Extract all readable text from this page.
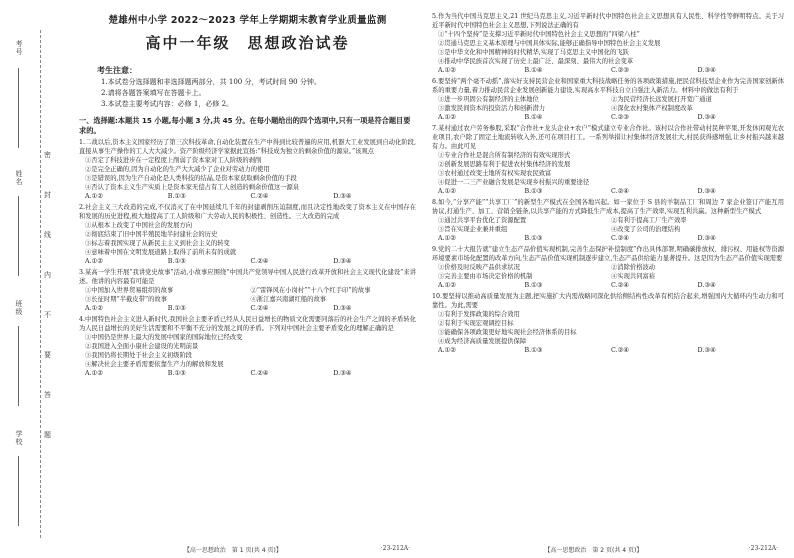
考号
姓名
班级
学校
密
封
线
内
不
要
答
题
楚雄州中小学 2022～2023 学年上学期期末教育学业质量监测
高中一年级　思想政治试卷
考生注意：
1.本试卷分选择题和非选择题两部分，共 100 分，考试时间 90 分钟。
2.请将各题答案填写在答题卡上。
3.本试卷主要考试内容：必修 1，必修 2。
一、选择题:本题共 15 小题,每小题 3 分,共 45 分。在每小题给出的四个选项中,只有一项是符合题目要求的。
1.二战以后,资本主义国家经历了第三次科技革命,自动化装置在生产中得到比较普遍的应用,机器大工业发展到自动化阶段,直接从事生产操作的工人大大减少。资产阶级经济学家据此宣扬:“科技成为独立的剩余价值的源泉。”该观点
①否定了科技进步在一定程度上削弱了资本家对工人阶级的剥削
②是完全正确的,因为自动化的生产大大减少了企业对劳动力的使用
③是错误的,因为生产自动化是人类科技的结晶,是资本家获取剩余价值的手段
④否认了资本主义生产实质上是资本家无偿占有工人创造的剩余价值这一源泉
A.①②	B.①③	C.②④	D.③④
2.社会主义三大改造的完成,不仅消灭了在中国延续几千年的封建剥削压迫制度,而且决定性地改变了资本主义在中国存在和发展的历史进程,极大地提高了工人阶级和广大劳动人民的积极性、创造性。三大改造的完成
①从根本上改变了中国社会的发展方向
②彻底结束了旧中国半殖民地半封建社会的历史
③标志着我国实现了从新民主主义到社会主义的转变
④意味着中国在文明发展道路上取得了前所未有的成就
A.①②	B.①③	C.②④	D.③④
3.某高一学生开展“我讲党史故事”活动,小故事应围绕“中国共产党领导中国人民进行改革开放和社会主义现代化建设”来讲述。他讲的内容最有可能是
①中国加入世界贸易组织的故事	②“雷锋风在小岗村”“十八个红手印”的故事
③长征时期“半截皮带”的故事	④浙江嘉兴南湖红船的故事
A.①②	B.①③	C.②④	D.③④
4.中国特色社会主义进入新时代,我国社会主要矛盾已经从人民日益增长的物质文化需要同落后的社会生产之间的矛盾转化为人民日益增长的美好生活需要和不平衡不充分的发展之间的矛盾。下列对中国社会主要矛盾变化的理解正确的是
①中国仍是世界上最大的发展中国家的国际地位已经改变
②我国进入全面小康社会建设的光明前景
③我国仍将长期处于社会主义初级阶段
④解决社会主要矛盾需要依靠生产力的解放和发展
A.①②	B.①③	C.②④	D.③④
【高一思想政治　第 1 页(共 4 页)】	·23-212A·
5.作为当代中国马克思主义,21 世纪马克思主义,习近平新时代中国特色社会主义思想具有人民性、科学性等鲜明特点。关于习近平新时代中国特色社会主义思想,下列说法正确的有
①“十四个坚持”是支撑习近平新时代中国特色社会主义思想的“四梁八柱”
②贯通马克思主义基本原理与中国具体实际,能够正确指导中国特色社会主义发展
③是中华文化和中国精神的时代精华,实现了马克思主义中国化的飞跃
④推动中华民族首次实现了历史上最广泛、最深刻、最伟大的社会变革
A.①②	B.①④	C.②③	D.③④
6.要坚持“两个毫不动摇”,落实好支持民营企业和国家重大科技战略任务的各项政策措施,把民营科技型企业作为完善国家创新体系的重要力量,着力推动民营企业发展创新能力建设,实现高水平科技自立自强注入新活力。材料中的做法有利于
①进一步巩固公有制经济的主体地位	②为民营经济长远发展打开宽广通道
③激发民间资本的投资活力和创新潜力	④深化农村集体产权制度改革
A.①②	B.①④	C.②③	D.③④
7.某村通过农户劳务参股,采取“合作社+龙头企业+农户”模式建立专业合作社。该村以合作社带动村民种苹果,开发休闲观光农业项目,农户除了固定土地流转收入外,还可在项目打工。一系列举措让村集体经济发展壮大,村民获得感增强,让乡村振兴越来越有力。由此可见
①专业合作社是混合所有制经济的有效实现形式
②创新发展思路有利于促进农村集体经济的发展
③农村通过改变土地所有权实现农民致富
④促进一二三产业融合发展是实现乡村振兴的重要途径
A.①②	B.①③	C.②④	D.③④
8.如今,“分享产能”“共享工厂”的新型生产模式在全国各地兴起。如一家位于 S 县的羊制品工厂和周边 7 家企业签订产能互用协议,打通生产、加工、营销全链条,以共享产能的方式降低生产成本,提高了生产效率,实现互利共赢。这种新型生产模式
①通过共享平台优化了资源配置	②有利于提高工厂生产效率
③旨在实现企业兼并重组	④改变了公司的治理结构
A.①②	B.①③	C.②④	D.③④
9.党的二十大报告就“建立生态产品价值实现机制,完善生态保护补偿制度”作出具体部署,明确碳排放权、排污权、用能权等资源环境要素市场化配置的改革方向,生态产品价值实现机制逐步建立,生态产品供给能力显著提升。这是因为生态产品价值实现需要
①价格及时反映产品供求状况	②消除价格波动
③完善主要由市场决定价格的机制	④实现共同富裕
A.①②	B.①③	C.②④	D.③④
10.要坚持以推动高质量发展为主题,把实施扩大内需战略同深化供给侧结构性改革有机结合起来,增强国内大循环内生动力和可靠性。为此,需要
①有利于发挥政策的综合效用
②有利于实现宏观调控目标
③能确保各项政策更好地实现社会经济体系的目标
④成为经济高质量发展提供保障
A.①②	B.①③	C.②④	D.③④
【高一思想政治　第 2 页(共 4 页)】	·23-212A·
